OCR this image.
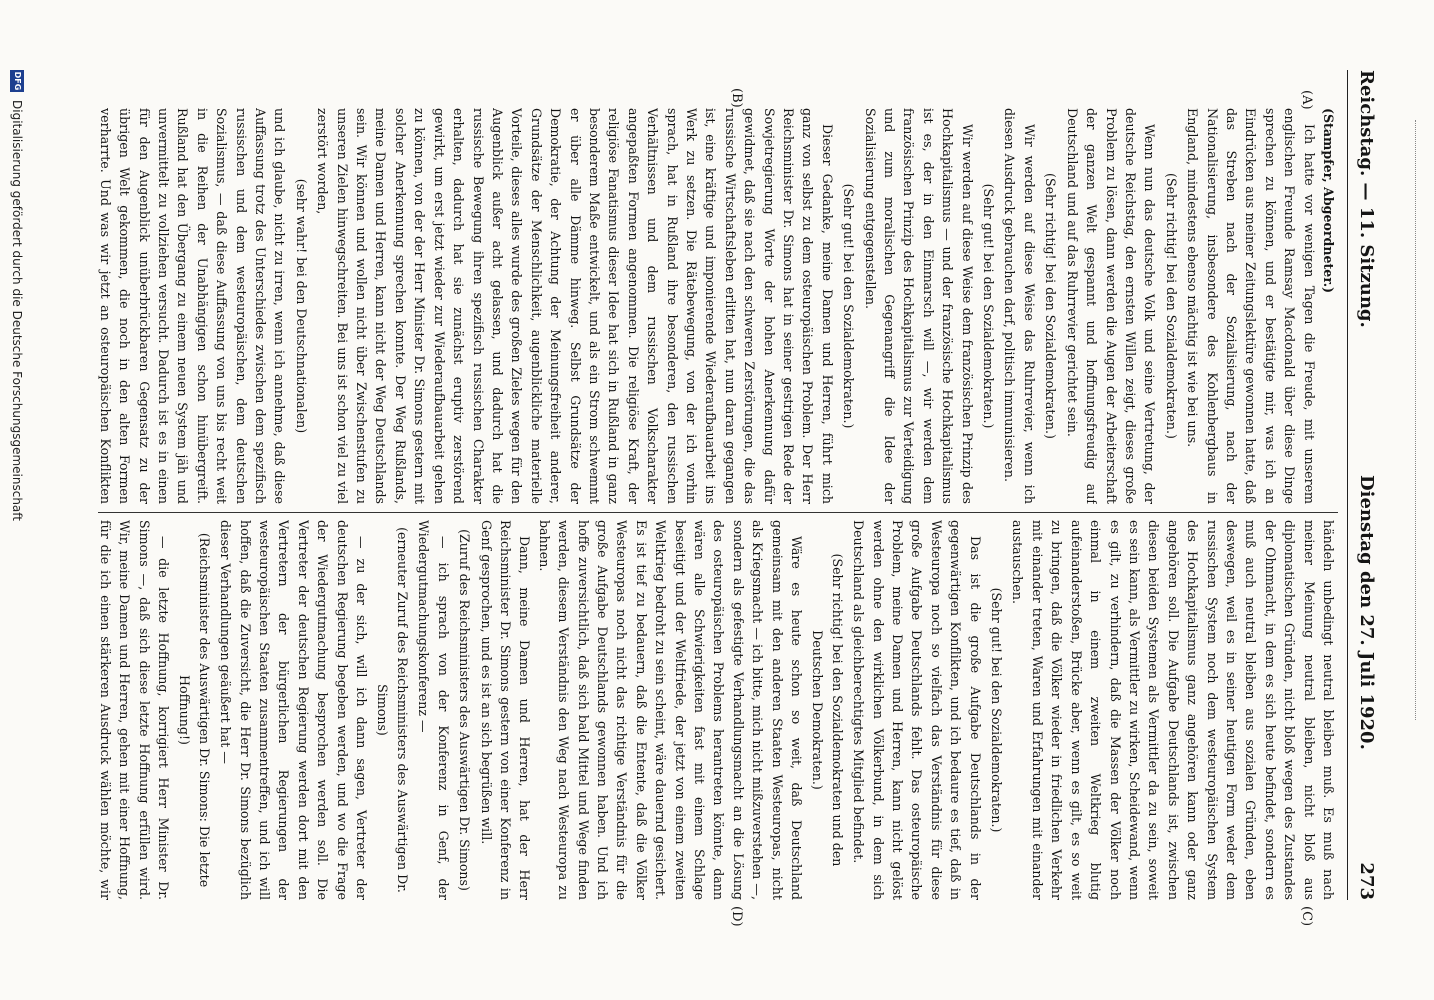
Reichstag. — 11. Sitzung.
Dienstag den 27. Juli 1920.
273
(A)
(B)
(C)
(D)

(Stampfer, Abgeordneter.)

Ich hatte vor wenigen Tagen die Freude, mit unserem englischen Freunde Ramsay Macdonald über diese Dinge sprechen zu können, und er bestätigte mir, was ich an Eindrücken aus meiner Zeitungslektüre gewonnen hatte, daß das Streben nach der Sozialisierung, nach der Nationalisierung, insbesondere des Kohlenbergbaus in England, mindestens ebenso mächtig ist wie bei uns.

(Sehr richtig! bei den Sozialdemokraten.)

Wenn nun das deutsche Volk und seine Vertretung, der deutsche Reichstag, den ernsten Willen zeigt, dieses große Problem zu lösen, dann werden die Augen der Arbeiterschaft der ganzen Welt gespannt und hoffnungsfreudig auf Deutschland und auf das Ruhrrevier gerichtet sein.

(Sehr richtig! bei den Sozialdemokraten.)

Wir werden auf diese Weise das Ruhrrevier, wenn ich diesen Ausdruck gebrauchen darf, politisch immunisieren.

(Sehr gut! bei den Sozialdemokraten.)

Wir werden auf diese Weise dem französischen Prinzip des Hochkapitalismus — und der französische Hochkapitalismus ist es, der in den Einmarsch will —, wir werden dem französischen Prinzip des Hochkapitalismus zur Verteidigung und zum moralischen Gegenangriff die Idee der Sozialisierung entgegenstellen.

(Sehr gut! bei den Sozialdemokraten.)

Dieser Gedanke, meine Damen und Herren, führt mich ganz von selbst zu dem osteuropäischen Problem. Der Herr Reichsminister Dr. Simons hat in seiner gestrigen Rede der Sowjetregierung Worte der hohen Anerkennung dafür gewidmet, daß sie nach den schweren Zerstörungen, die das russische Wirtschaftsleben erlitten hat, nun daran gegangen ist, eine kräftige und imponierende Wiederaufbauarbeit ins Werk zu setzen. Die Rätebewegung, von der ich vorhin sprach, hat in Rußland ihre besonderen, den russischen Verhältnissen und dem russischen Volkscharakter angepaßten Formen angenommen. Die religiöse Kraft, der religiöse Fanatismus dieser Idee hat sich in Rußland in ganz besonderem Maße entwickelt, und als ein Strom schwemmt er über alle Dämme hinweg. Selbst Grundsätze der Demokratie, der Achtung der Meinungsfreiheit anderer, Grundsätze der Menschlichkeit, augenblickliche materielle Vorteile, dieses alles wurde des großen Zieles wegen für den Augenblick außer acht gelassen, und dadurch hat die russische Bewegung ihren spezifisch russischen Charakter erhalten, dadurch hat sie zunächst eruptiv zerstörend gewirkt, um erst jetzt wieder zur Wiederaufbauarbeit gehen zu können, von der der Herr Minister Dr. Simons gestern mit solcher Anerkennung sprechen konnte. Der Weg Rußlands, meine Damen und Herren, kann nicht der Weg Deutschlands sein. Wir können und wollen nicht über Zwischenstufen zu unseren Zielen hinwegschreiten. Bei uns ist schon viel zu viel zerstört worden,

(sehr wahr! bei den Deutschnationalen)

und ich glaube, nicht zu irren, wenn ich annehme, daß diese Auffassung trotz des Unterschiedes zwischen dem spezifisch russischen und dem westeuropäischen, dem deutschen Sozialismus, — daß diese Auffassung von uns bis recht weit in die Reihen der Unabhängigen schon hinübergreift. Rußland hat den Übergang zu einem neuen System jäh und unvermittelt zu vollziehen versucht. Dadurch ist es in einen für den Augenblick unüberbrückbaren Gegensatz zu der übrigen Welt gekommen, die noch in den alten Formen verharrte. Und was wir jetzt an osteuropäischen Konflikten

händeln unbedingt neutral bleiben muß. Es muß nach meiner Meinung neutral bleiben, nicht bloß aus diplomatischen Gründen, nicht bloß wegen des Zustandes der Ohnmacht, in dem es sich heute befindet, sondern es muß auch neutral bleiben aus sozialen Gründen, eben deswegen, weil es in seiner heutigen Form weder dem russischen System noch dem westeuropäischen System des Hochkapitalismus ganz angehören kann oder ganz angehören soll. Die Aufgabe Deutschlands ist, zwischen diesen beiden Systemen als Vermittler da zu sein, soweit es sein kann, als Vermittler zu wirken, Scheidewand, wenn es gilt, zu verhindern, daß die Massen der Völker noch einmal in einem zweiten Weltkrieg blutig aufeinanderstoßen, Brücke aber, wenn es gilt, es so weit zu bringen, daß die Völker wieder in friedlichen Verkehr mit einander treten, Waren und Erfahrungen mit einander austauschen.

(Sehr gut! bei den Sozialdemokraten.)

Das ist die große Aufgabe Deutschlands in der gegenwärtigen Konflikten, und ich bedaure es tief, daß in Westeuropa noch so vielfach das Verständnis für diese große Aufgabe Deutschlands fehlt. Das osteuropäische Problem, meine Damen und Herren, kann nicht gelöst werden ohne den wirklichen Völkerbund, in dem sich Deutschland als gleichberechtigtes Mitglied befindet.

(Sehr richtig! bei den Sozialdemokraten und den Deutschen Demokraten.)

Wäre es heute schon so weit, daß Deutschland gemeinsam mit den anderen Staaten Westeuropas, nicht als Kriegsmacht — ich bitte, mich nicht mißzuverstehen —, sondern als gefestigte Verhandlungsmacht an die Lösung des osteuropäischen Problems herantreten könnte, dann wären alle Schwierigkeiten fast mit einem Schlage beseitigt und der Weltfriede, der jetzt von einem zweiten Weltkrieg bedroht zu sein scheint, wäre dauernd gesichert. Es ist tief zu bedauern, daß die Entente, daß die Völker Westeuropas noch nicht das richtige Verständnis für die große Aufgabe Deutschlands gewonnen haben. Und ich hoffe zuversichtlich, daß sich bald Mittel und Wege finden werden, diesem Verständnis den Weg nach Westeuropa zu bahnen.

Dann, meine Damen und Herren, hat der Herr Reichsminister Dr. Simons gestern von einer Konferenz in Genf gesprochen, und es ist an sich begrüßen will.

(Zuruf des Reichsministers des Auswärtigen Dr. Simons)

— ich sprach von der Konferenz in Genf, der Wiedergutmachungskonferenz —

(erneuter Zuruf des Reichsministers des Auswärtigen Dr. Simons)

— zu der sich, will ich dann sagen, Vertreter der deutschen Regierung begeben werden, und wo die Frage der Wiedergutmachung besprochen werden soll. Die Vertreter der deutschen Regierung werden dort mit den Vertretern der bürgerlichen Regierungen der westeuropäischen Staaten zusammentreffen, und ich will hoffen, daß die Zuversicht, die Herr Dr. Simons bezüglich dieser Verhandlungen geäußert hat —

(Reichsminister des Auswärtigen Dr. Simons: Die letzte Hoffnung!)

— die letzte Hoffnung, korrigiert Herr Minister Dr. Simons —, daß sich diese letzte Hoffnung erfüllen wird. Wir, meine Damen und Herren, gehen mit einer Hoffnung, für die ich einen stärkeren Ausdruck wählen möchte, wir

DFG
Digitalisierung gefördert durch die Deutsche Forschungsgemeinschaft
